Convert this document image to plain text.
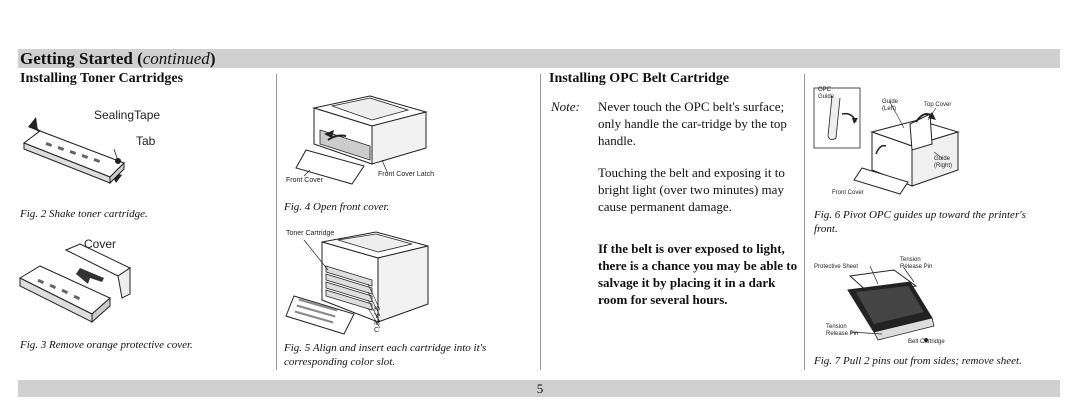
Getting Started (continued)
Installing Toner Cartridges
SealingTape
Tab
Fig. 2 Shake toner cartridge.
Cover
Fig. 3 Remove orange protective cover.
Front Cover
Front Cover Latch
Fig. 4 Open front cover.
Toner Cartridge
K
Y
M
C
Fig. 5 Align and insert each cartridge into it's corresponding color slot.
Installing OPC Belt Cartridge
Note: Never touch the OPC belt's surface; only handle the car-tridge by the top handle.
Touching the belt and exposing it to bright light (over two minutes) may cause permanent damage.
If the belt is over exposed to light, there is a chance you may be able to salvage it by placing it in a dark room for several hours.
OPC Guide
Guide (Left)
Top Cover
Guide (Right)
Front Cover
Fig. 6 Pivot OPC guides up toward the printer's front.
Protective Sheet
Tension Release Pin
Tension Release Pin
Belt Cartridge
Fig. 7 Pull 2 pins out from sides; remove sheet.
5
